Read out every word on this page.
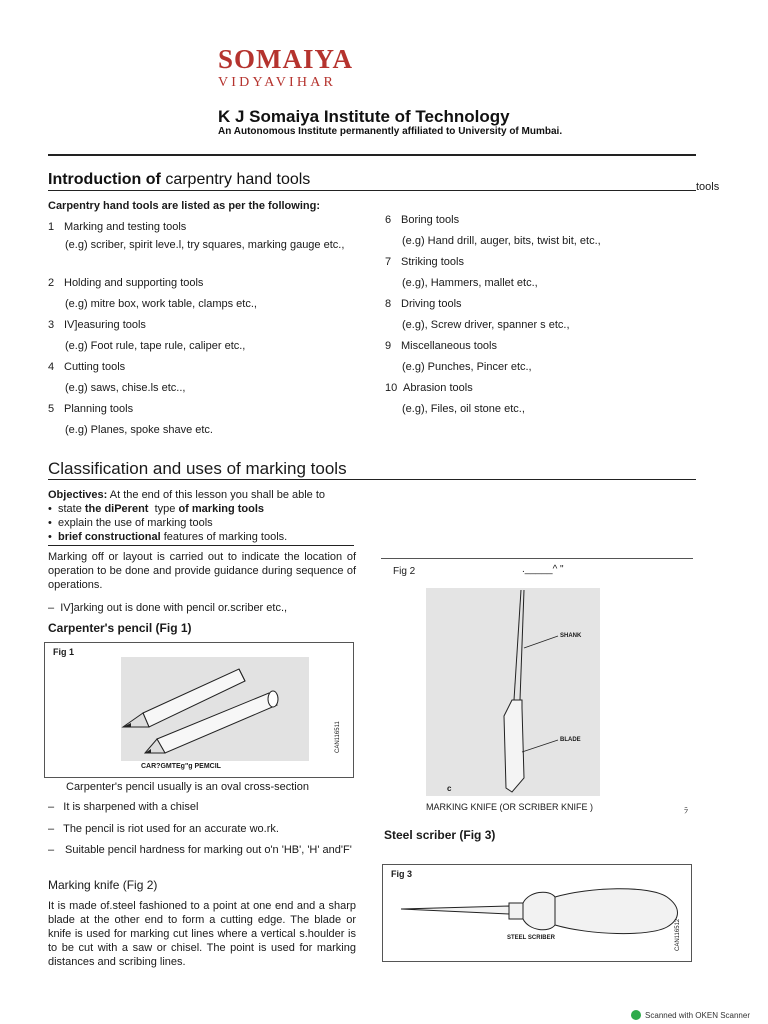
SOMAIYA
VIDYAVIHAR
K J Somaiya Institute of Technology
An Autonomous Institute permanently affiliated to University of Mumbai.
Introduction of carpentry hand tools	tools
Carpentry hand tools are listed as per the following:
1 Marking and testing tools
(e.g) scriber, spirit leve.l, try squares, marking gauge etc.,
2 Holding and supporting tools
(e.g) mitre box, work table, clamps etc.,
3 IV]easuring tools
(e.g) Foot rule, tape rule, caliper etc.,
4 Cutting tools
(e.g) saws, chise.ls etc..,
5 Planning tools
(e.g) Planes, spoke shave etc.
6 Boring tools
(e.g) Hand drill, auger, bits, twist bit, etc.,
7 Striking tools
(e.g), Hammers, mallet etc.,
8 Driving tools
(e.g), Screw driver, spanner s etc.,
9 Miscellaneous tools
(e.g) Punches, Pincer etc.,
10 Abrasion tools
(e.g), Files, oil stone etc.,
Classification and uses of marking tools
Objectives: At the end of this lesson you shall be able to
•  state the diPerent type of marking tools
•  explain the use of marking tools
•  brief constructional features of marking tools.
Marking off or layout is carried out to indicate the location of operation to be done and provide guidance during sequence of operations.
–  IV]arking out is done with pencil or.scriber etc.,
Carpenter's pencil (Fig 1)
Fig 1
CAR?GMTEg"g PEMCIL
CAN116511
Carpenter's pencil usually is an oval cross-section
–   It is sharpened with a chisel
–   The pencil is riot used for an accurate wo.rk.
– Suitable pencil hardness for marking out o'n 'HB', 'H' and'F'
Marking knife (Fig 2)
It is made of.steel fashioned to a point at one end and a sharp blade at the other end to form a cutting edge. The blade or knife is used for marking cut lines where a vertical s.houlder is to be cut with a saw or chisel. The point is used for marking distances and scribing lines.
Fig 2	._____^ "
SHANK
BLADE
c
MARKING KNIFE (OR SCRIBER KNIFE )	ﾗ
Steel scriber (Fig 3)
Fig 3
STEEL SCRIBER	CAN116512
Scanned with OKEN Scanner
